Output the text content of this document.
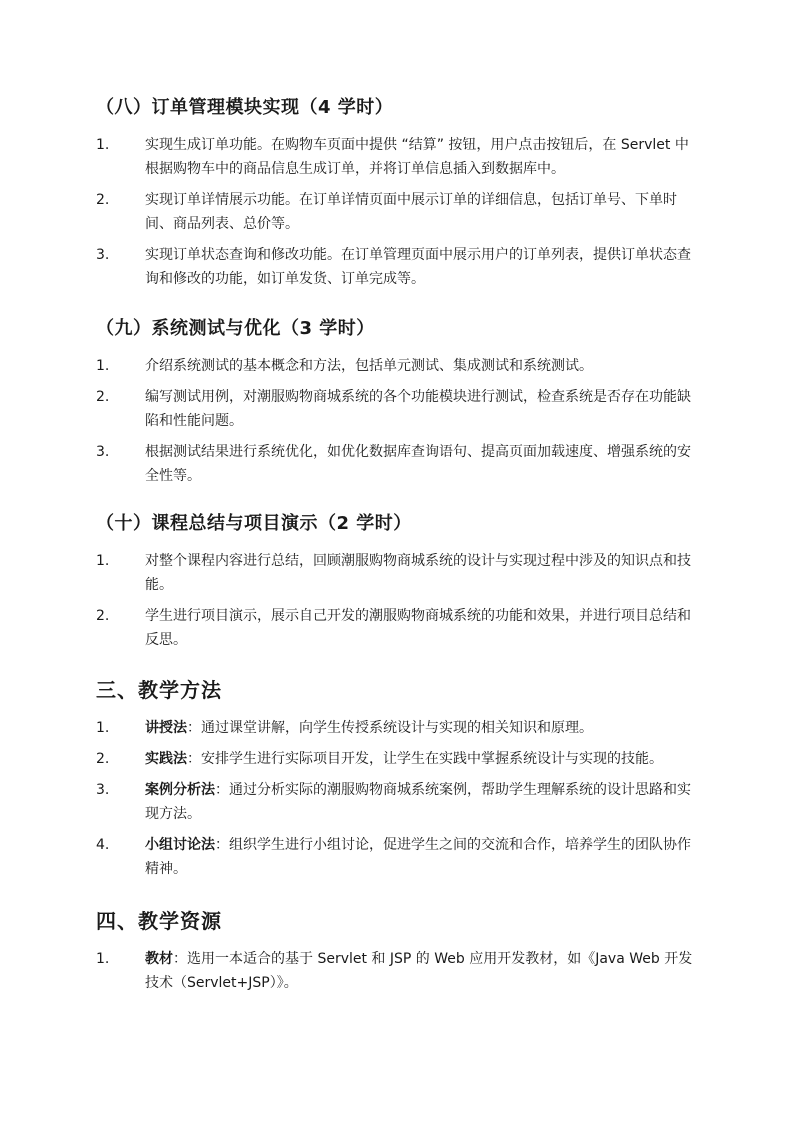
（八）订单管理模块实现（4 学时）
1.	实现生成订单功能。在购物车页面中提供 “结算” 按钮，用户点击按钮后，在 Servlet 中根据购物车中的商品信息生成订单，并将订单信息插入到数据库中。
2.	实现订单详情展示功能。在订单详情页面中展示订单的详细信息，包括订单号、下单时间、商品列表、总价等。
3.	实现订单状态查询和修改功能。在订单管理页面中展示用户的订单列表，提供订单状态查询和修改的功能，如订单发货、订单完成等。
（九）系统测试与优化（3 学时）
1.	介绍系统测试的基本概念和方法，包括单元测试、集成测试和系统测试。
2.	编写测试用例，对潮服购物商城系统的各个功能模块进行测试，检查系统是否存在功能缺陷和性能问题。
3.	根据测试结果进行系统优化，如优化数据库查询语句、提高页面加载速度、增强系统的安全性等。
（十）课程总结与项目演示（2 学时）
1.	对整个课程内容进行总结，回顾潮服购物商城系统的设计与实现过程中涉及的知识点和技能。
2.	学生进行项目演示，展示自己开发的潮服购物商城系统的功能和效果，并进行项目总结和反思。
三、教学方法
1.	讲授法：通过课堂讲解，向学生传授系统设计与实现的相关知识和原理。
2.	实践法：安排学生进行实际项目开发，让学生在实践中掌握系统设计与实现的技能。
3.	案例分析法：通过分析实际的潮服购物商城系统案例，帮助学生理解系统的设计思路和实现方法。
4.	小组讨论法：组织学生进行小组讨论，促进学生之间的交流和合作，培养学生的团队协作精神。
四、教学资源
1.	教材：选用一本适合的基于 Servlet 和 JSP 的 Web 应用开发教材，如《Java Web 开发技术（Servlet+JSP）》。
